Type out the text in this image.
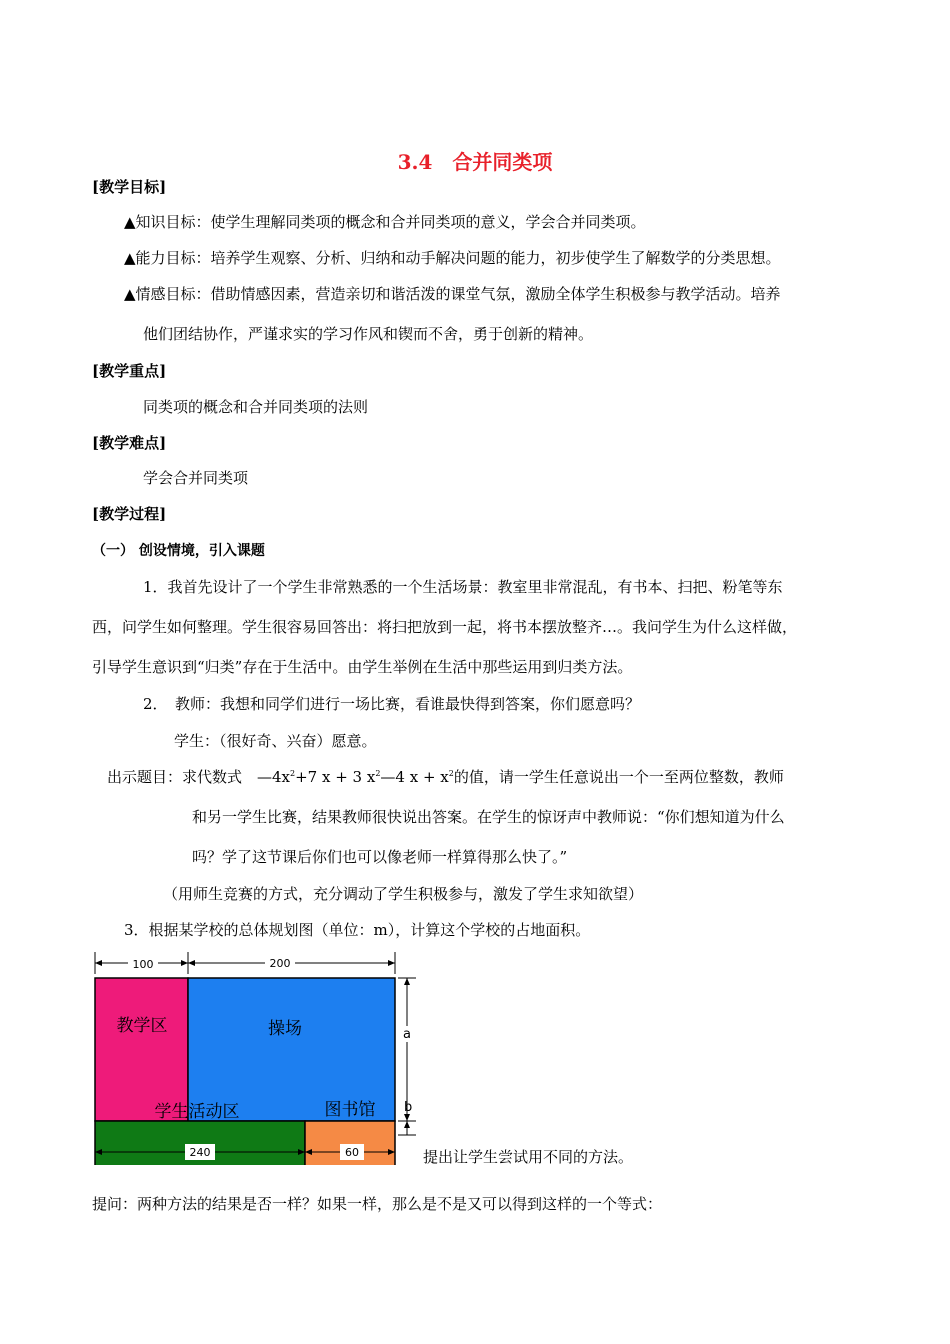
3.4　合并同类项
[教学目标]
▲知识目标：使学生理解同类项的概念和合并同类项的意义，学会合并同类项。
▲能力目标：培养学生观察、分析、归纳和动手解决问题的能力，初步使学生了解数学的分类思想。
▲情感目标：借助情感因素，营造亲切和谐活泼的课堂气氛，激励全体学生积极参与教学活动。培养
他们团结协作，严谨求实的学习作风和锲而不舍，勇于创新的精神。
[教学重点]
同类项的概念和合并同类项的法则
[教学难点]
学会合并同类项
[教学过程]
（一） 创设情境，引入课题
1．我首先设计了一个学生非常熟悉的一个生活场景：教室里非常混乱，有书本、扫把、粉笔等东
西，问学生如何整理。学生很容易回答出：将扫把放到一起，将书本摆放整齐…。我问学生为什么这样做，
引导学生意识到“归类”存在于生活中。由学生举例在生活中那些运用到归类方法。
2．　教师：我想和同学们进行一场比赛，看谁最快得到答案，你们愿意吗？
学生：（很好奇、兴奋）愿意。
出示题目：求代数式　$—4x^2+7$ x + 3 $x^2—4$ $x + x^2$的值，请一学生任意说出一个一至两位整数，教师
和另一学生比赛，结果教师很快说出答案。在学生的惊讶声中教师说：“你们想知道为什么
吗？学了这节课后你们也可以像老师一样算得那么快了。”
（用师生竞赛的方式，充分调动了学生积极参与，激发了学生求知欲望）
3．根据某学校的总体规划图（单位：m），计算这个学校的占地面积。
100	200
教学区	操场
学生活动区	图书馆
a
240	60
b
提出让学生尝试用不同的方法。
提问：两种方法的结果是否一样？如果一样，那么是不是又可以得到这样的一个等式：
